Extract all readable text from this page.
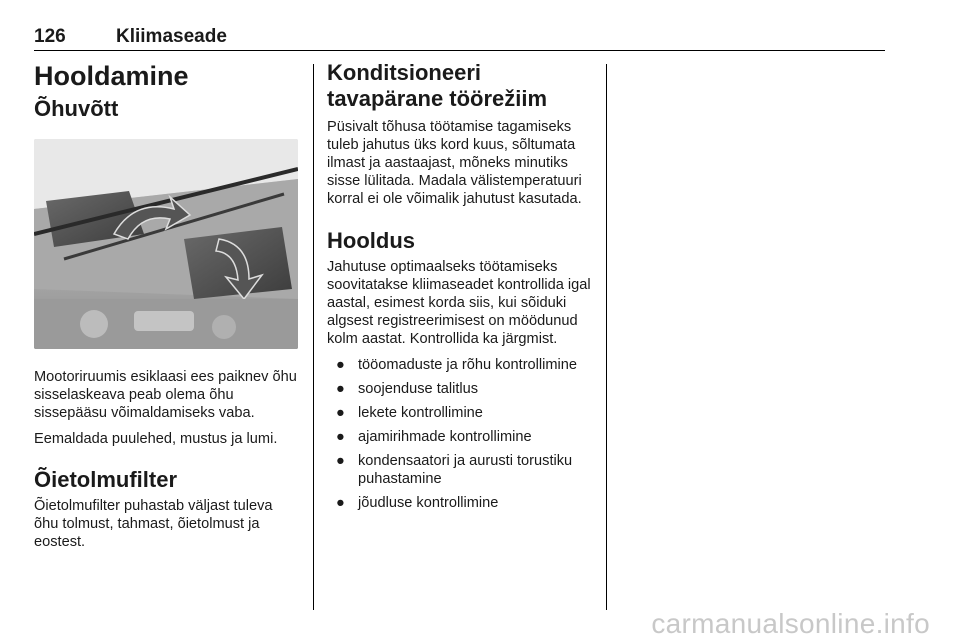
126	Kliimaseade
Hooldamine
Õhuvõtt

Mootoriruumis esiklaasi ees paiknev õhu sisselaskeava peab olema õhu sissepääsu võimaldamiseks vaba.

Eemaldada puulehed, mustus ja lumi.

Õietolmufilter

Õietolmufilter puhastab väljast tuleva õhu tolmust, tahmast, õietolmust ja eostest.

Konditsioneeri tavapärane töörežiim

Püsivalt tõhusa töötamise tagamiseks tuleb jahutus üks kord kuus, sõltumata ilmast ja aastaajast, mõneks minutiks sisse lülitada. Madala välistemperatuuri korral ei ole võimalik jahutust kasutada.

Hooldus

Jahutuse optimaalseks töötamiseks soovitatakse kliimaseadet kontrollida igal aastal, esimest korda siis, kui sõiduki algsest registreerimisest on möödunud kolm aastat. Kontrollida ka järgmist.

● tööomaduste ja rõhu kontrollimine
● soojenduse talitlus
● lekete kontrollimine
● ajamirihmade kontrollimine
● kondensaatori ja aurusti torustiku puhastamine
● jõudluse kontrollimine
carmanualsonline.info
